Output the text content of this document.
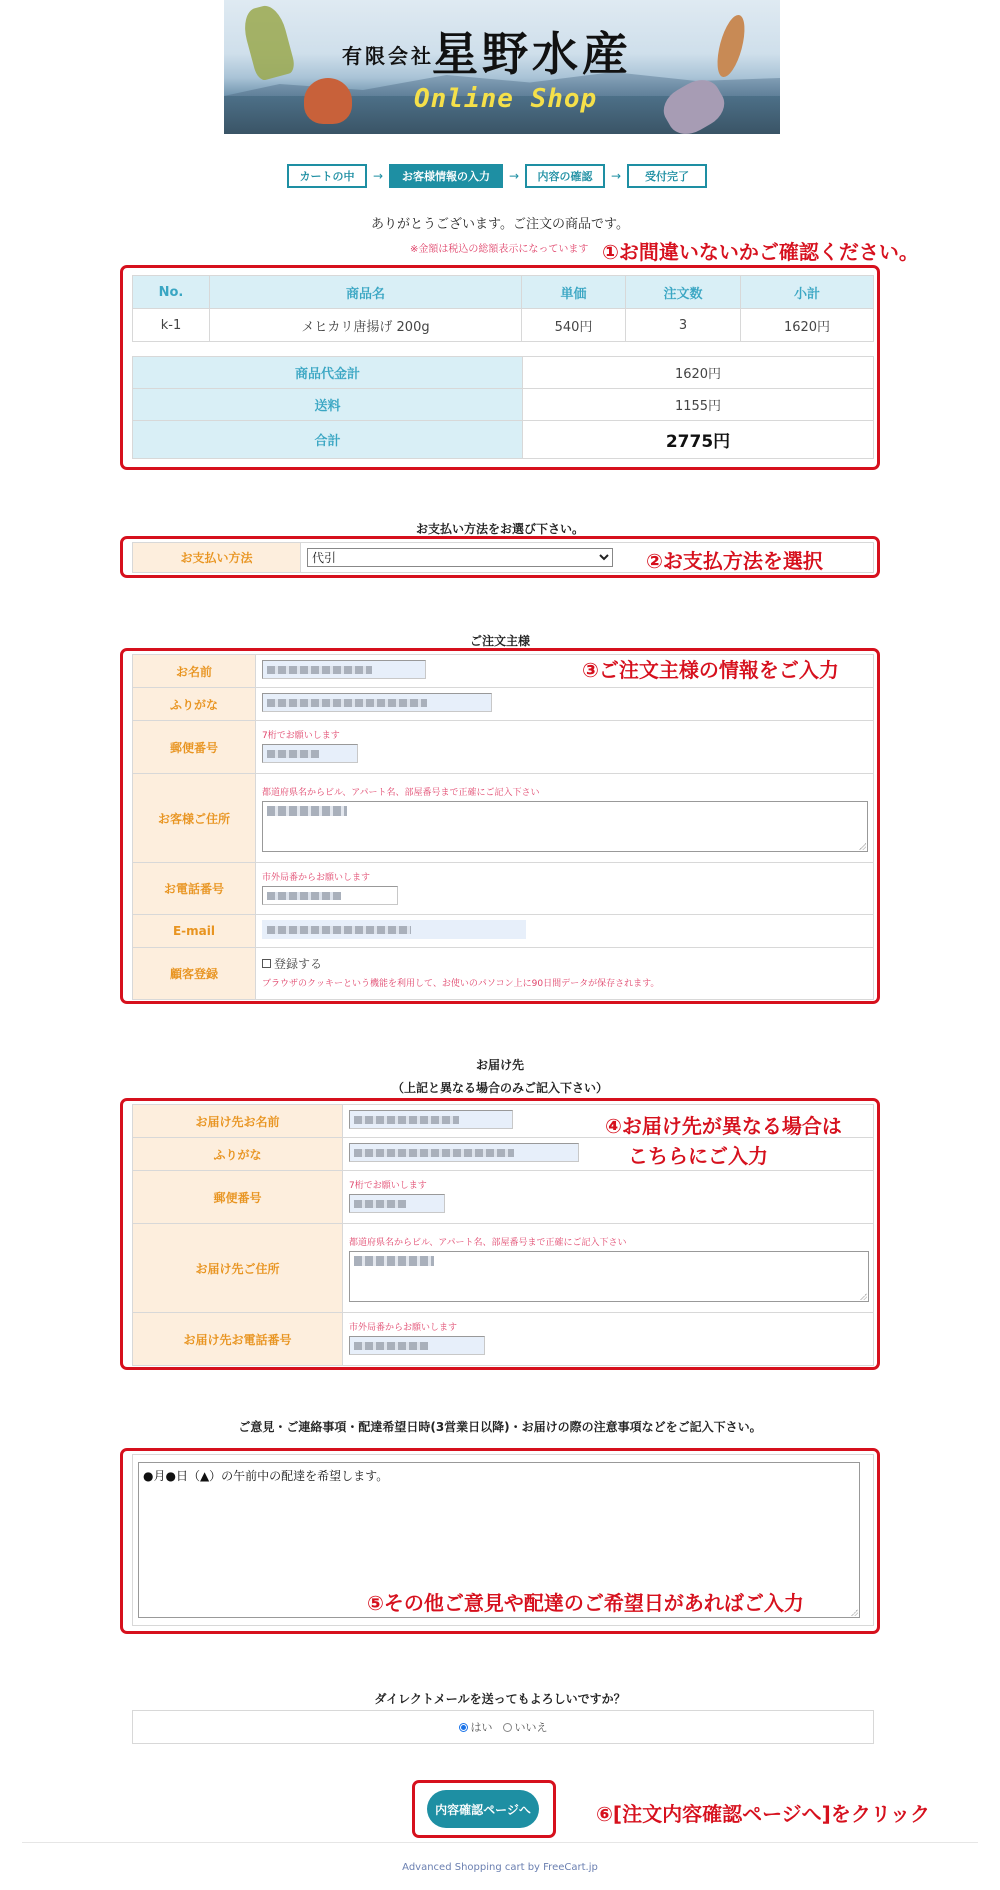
有限会社
星野水産
Online Shop
カートの中	→	お客様情報の入力	→	内容の確認	→	受付完了
ありがとうございます。ご注文の商品です。
※金額は税込の総額表示になっています ①お間違いないかご確認ください。
No.	商品名	単価	注文数	小計
k-1	メヒカリ唐揚げ 200g	540円	3	1620円
商品代金計	1620円
送料	1155円
合計	2775円
お支払い方法をお選び下さい。
お支払い方法	
代引	②お支払方法を選択
ご注文主様
お名前	
ふりがな	
郵便番号	7桁でお願いします

お客様ご住所	都道府県名からビル、アパート名、部屋番号まで正確にご記入下さい

お電話番号	市外局番からお願いします

E-mail	
顧客登録	登録する
ブラウザのクッキーという機能を利用して、お使いのパソコン上に90日間データが保存されます。
③ご注文主様の情報をご入力
お届け先
（上記と異なる場合のみご記入下さい）
お届け先お名前	
ふりがな	
郵便番号	7桁でお願いします

お届け先ご住所	都道府県名からビル、アパート名、部屋番号まで正確にご記入下さい

お届け先お電話番号	市外局番からお願いします
④お届け先が異なる場合は
こちらにご入力
ご意見・ご連絡事項・配達希望日時(3営業日以降)・お届けの際の注意事項などをご記入下さい。
●月●日（▲）の午前中の配達を希望します。
⑤その他ご意見や配達のご希望日があればご入力
ダイレクトメールを送ってもよろしいですか？
はい いいえ
内容確認ページへ	⑥[注文内容確認ページへ]をクリック
Advanced Shopping cart by FreeCart.jp
